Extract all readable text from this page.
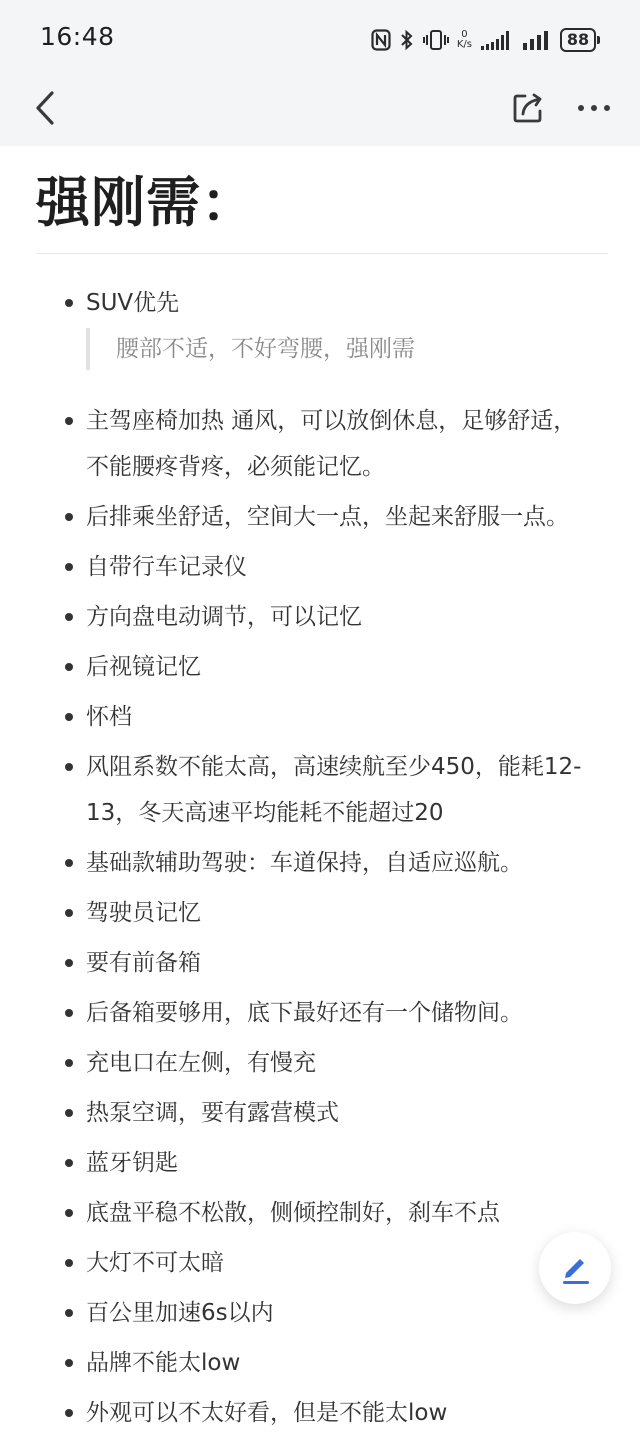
16:48	0
K/s	88
强刚需：
SUV优先
腰部不适，不好弯腰，强刚需
主驾座椅加热 通风，可以放倒休息，足够舒适，不能腰疼背疼，必须能记忆。
后排乘坐舒适，空间大一点，坐起来舒服一点。
自带行车记录仪
方向盘电动调节，可以记忆
后视镜记忆
怀档
风阻系数不能太高，高速续航至少450，能耗12-13，冬天高速平均能耗不能超过20
基础款辅助驾驶：车道保持，自适应巡航。
驾驶员记忆
要有前备箱
后备箱要够用，底下最好还有一个储物间。
充电口在左侧，有慢充
热泵空调，要有露营模式
蓝牙钥匙
底盘平稳不松散，侧倾控制好，刹车不点
大灯不可太暗
百公里加速6s以内
品牌不能太low
外观可以不太好看，但是不能太low
